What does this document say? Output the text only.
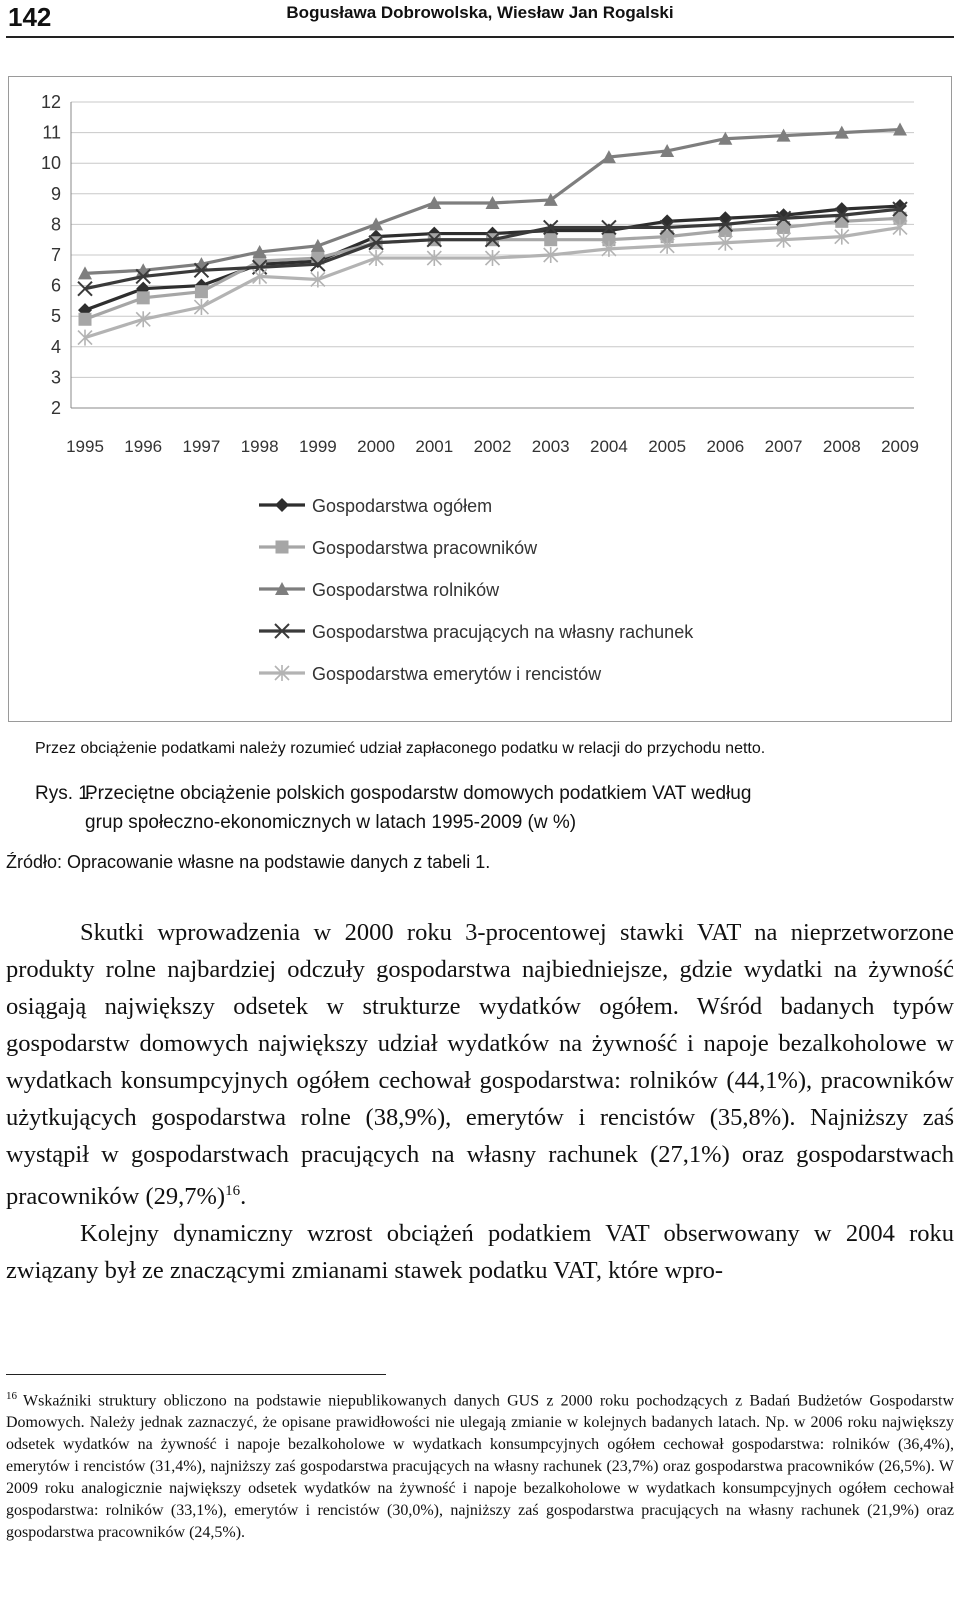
142	Bogusława Dobrowolska, Wiesław Jan Rogalski
2
3
4
5
6
7
8
9
10
11
12
1995 1996 1997 1998 1999 2000 2001 2002 2003 2004 2005 2006 2007 2008 2009
Gospodarstwa ogółem
Gospodarstwa pracowników
Gospodarstwa rolników
Gospodarstwa pracujących na własny rachunek
Gospodarstwa emerytów i rencistów
Przez obciążenie podatkami należy rozumieć udział zapłaconego podatku w relacji do przychodu netto.
Rys. 1.
Przeciętne obciążenie polskich gospodarstw domowych podatkiem VAT według
grup społeczno-ekonomicznych w latach 1995-2009 (w %)
Źródło: Opracowanie własne na podstawie danych z tabeli 1.

Skutki wprowadzenia w 2000 roku 3-procentowej stawki VAT na nieprzetworzone produkty rolne najbardziej odczuły gospodarstwa najbiedniejsze, gdzie wydatki na żywność osiągają największy odsetek w strukturze wydatków ogółem. Wśród badanych typów gospodarstw domowych największy udział wydatków na żywność i napoje bezalkoholowe w wydatkach konsumpcyjnych ogółem cechował gospodarstwa: rolników (44,1%), pracowników użytkujących gospodarstwa rolne (38,9%), emerytów i rencistów (35,8%). Najniższy zaś wystąpił w gospodarstwach pracujących na własny rachunek (27,1%) oraz gospodarstwach pracowników (29,7%)$^{16}$.

Kolejny dynamiczny wzrost obciążeń podatkiem VAT obserwowany w 2004 roku związany był ze znaczącymi zmianami stawek podatku VAT, które wpro-

$^{16}$ Wskaźniki struktury obliczono na podstawie niepublikowanych danych GUS z 2000 roku pochodzących z Badań Budżetów Gospodarstw Domowych. Należy jednak zaznaczyć, że opisane prawidłowości nie ulegają zmianie w kolejnych badanych latach. Np. w 2006 roku największy odsetek wydatków na żywność i napoje bezalkoholowe w wydatkach konsumpcyjnych ogółem cechował gospodarstwa: rolników (36,4%), emerytów i rencistów (31,4%), najniższy zaś gospodarstwa pracujących na własny rachunek (23,7%) oraz gospodarstwa pracowników (26,5%). W 2009 roku analogicznie największy odsetek wydatków na żywność i napoje bezalkoholowe w wydatkach konsumpcyjnych ogółem cechował gospodarstwa: rolników (33,1%), emerytów i rencistów (30,0%), najniższy zaś gospodarstwa pracujących na własny rachunek (21,9%) oraz gospodarstwa pracowników (24,5%).
